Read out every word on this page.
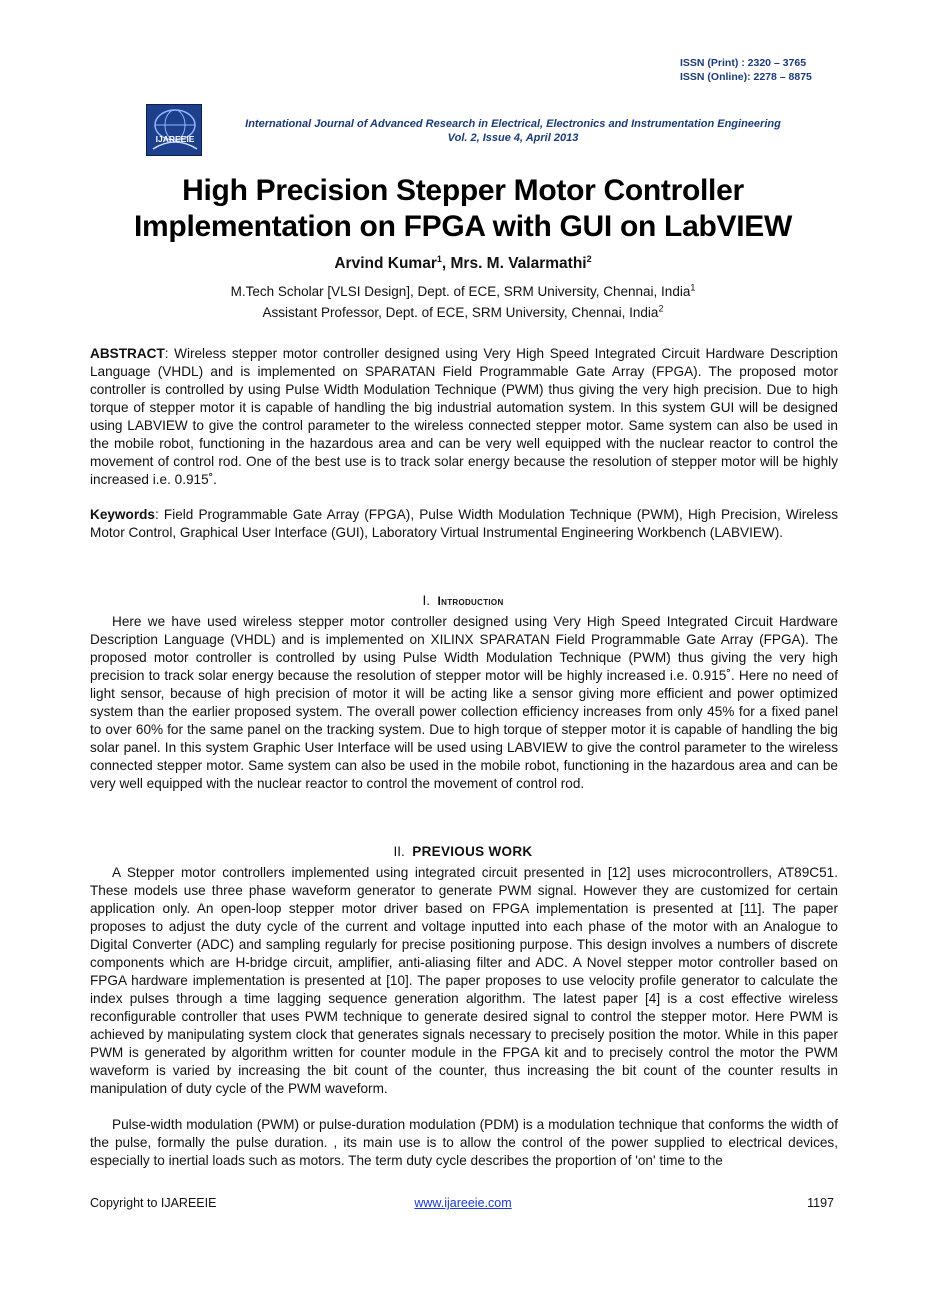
ISSN (Print) : 2320 – 3765
ISSN (Online): 2278 – 8875
IJAREEIE
International Journal of Advanced Research in Electrical, Electronics and Instrumentation Engineering
Vol. 2, Issue 4, April 2013
High Precision Stepper Motor Controller
Implementation on FPGA with GUI on LabVIEW
Arvind Kumar$^1$, Mrs. M. Valarmathi$^2$
M.Tech Scholar [VLSI Design], Dept. of ECE, SRM University, Chennai, India$^1$
Assistant Professor, Dept. of ECE, SRM University, Chennai, India$^2$
ABSTRACT: Wireless stepper motor controller designed using Very High Speed Integrated Circuit Hardware Description Language (VHDL) and is implemented on SPARATAN Field Programmable Gate Array (FPGA). The proposed motor controller is controlled by using Pulse Width Modulation Technique (PWM) thus giving the very high precision. Due to high torque of stepper motor it is capable of handling the big industrial automation system. In this system GUI will be designed using LABVIEW to give the control parameter to the wireless connected stepper motor. Same system can also be used in the mobile robot, functioning in the hazardous area and can be very well equipped with the nuclear reactor to control the movement of control rod. One of the best use is to track solar energy because the resolution of stepper motor will be highly increased i.e. 0.915˚.
Keywords: Field Programmable Gate Array (FPGA), Pulse Width Modulation Technique (PWM), High Precision, Wireless Motor Control, Graphical User Interface (GUI), Laboratory Virtual Instrumental Engineering Workbench (LABVIEW).
I. Introduction
Here we have used wireless stepper motor controller designed using Very High Speed Integrated Circuit Hardware Description Language (VHDL) and is implemented on XILINX SPARATAN Field Programmable Gate Array (FPGA). The proposed motor controller is controlled by using Pulse Width Modulation Technique (PWM) thus giving the very high precision to track solar energy because the resolution of stepper motor will be highly increased i.e. 0.915˚. Here no need of light sensor, because of high precision of motor it will be acting like a sensor giving more efficient and power optimized system than the earlier proposed system. The overall power collection efficiency increases from only 45% for a fixed panel to over 60% for the same panel on the tracking system. Due to high torque of stepper motor it is capable of handling the big solar panel. In this system Graphic User Interface will be used using LABVIEW to give the control parameter to the wireless connected stepper motor. Same system can also be used in the mobile robot, functioning in the hazardous area and can be very well equipped with the nuclear reactor to control the movement of control rod.
II. PREVIOUS WORK
A Stepper motor controllers implemented using integrated circuit presented in [12] uses microcontrollers, AT89C51. These models use three phase waveform generator to generate PWM signal. However they are customized for certain application only. An open-loop stepper motor driver based on FPGA implementation is presented at [11]. The paper proposes to adjust the duty cycle of the current and voltage inputted into each phase of the motor with an Analogue to Digital Converter (ADC) and sampling regularly for precise positioning purpose. This design involves a numbers of discrete components which are H-bridge circuit, amplifier, anti-aliasing filter and ADC. A Novel stepper motor controller based on FPGA hardware implementation is presented at [10]. The paper proposes to use velocity profile generator to calculate the index pulses through a time lagging sequence generation algorithm. The latest paper [4] is a cost effective wireless reconfigurable controller that uses PWM technique to generate desired signal to control the stepper motor. Here PWM is achieved by manipulating system clock that generates signals necessary to precisely position the motor. While in this paper PWM is generated by algorithm written for counter module in the FPGA kit and to precisely control the motor the PWM waveform is varied by increasing the bit count of the counter, thus increasing the bit count of the counter results in manipulation of duty cycle of the PWM waveform.
Pulse-width modulation (PWM) or pulse-duration modulation (PDM) is a modulation technique that conforms the width of the pulse, formally the pulse duration. , its main use is to allow the control of the power supplied to electrical devices, especially to inertial loads such as motors. The term duty cycle describes the proportion of 'on' time to the
Copyright to IJAREEIE	www.ijareeie.com	1197
